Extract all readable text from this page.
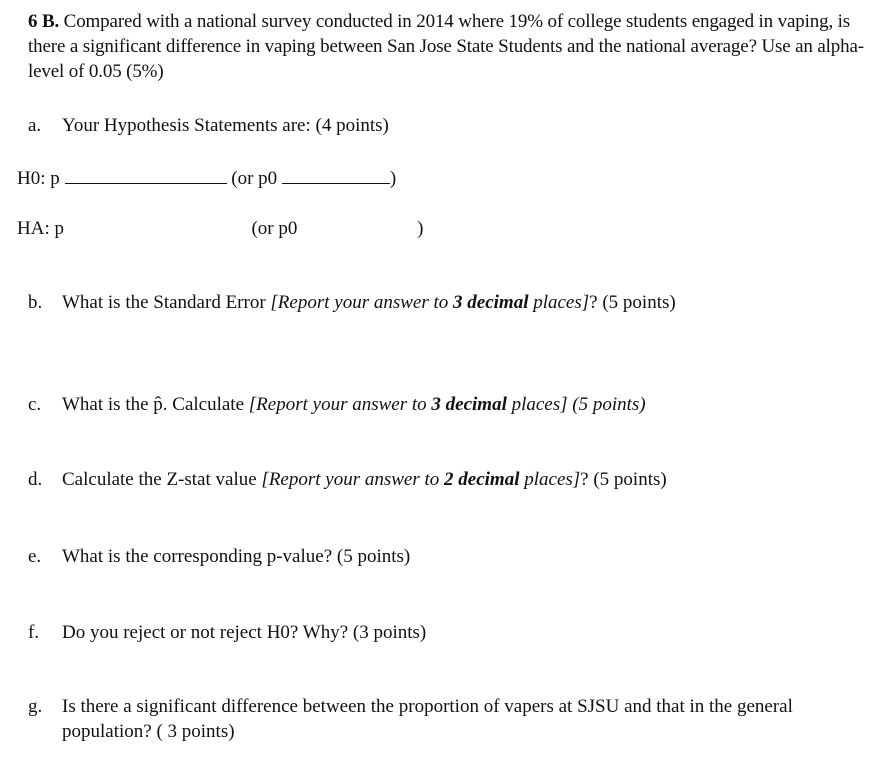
6 B. Compared with a national survey conducted in 2014 where 19% of college students engaged in vaping, is there a significant difference in vaping between San Jose State Students and the national average? Use an alpha-level of 0.05 (5%)
a. Your Hypothesis Statements are: (4 points)
H0: p	(or p0	)
HA: p	(or p0	)
b. What is the Standard Error [Report your answer to 3 decimal places]? (5 points)
c. What is the p̂. Calculate [Report your answer to 3 decimal places] (5 points)
d. Calculate the Z-stat value [Report your answer to 2 decimal places]? (5 points)
e. What is the corresponding p-value? (5 points)
f. Do you reject or not reject H0? Why? (3 points)
g. Is there a significant difference between the proportion of vapers at SJSU and that in the general population? ( 3 points)
